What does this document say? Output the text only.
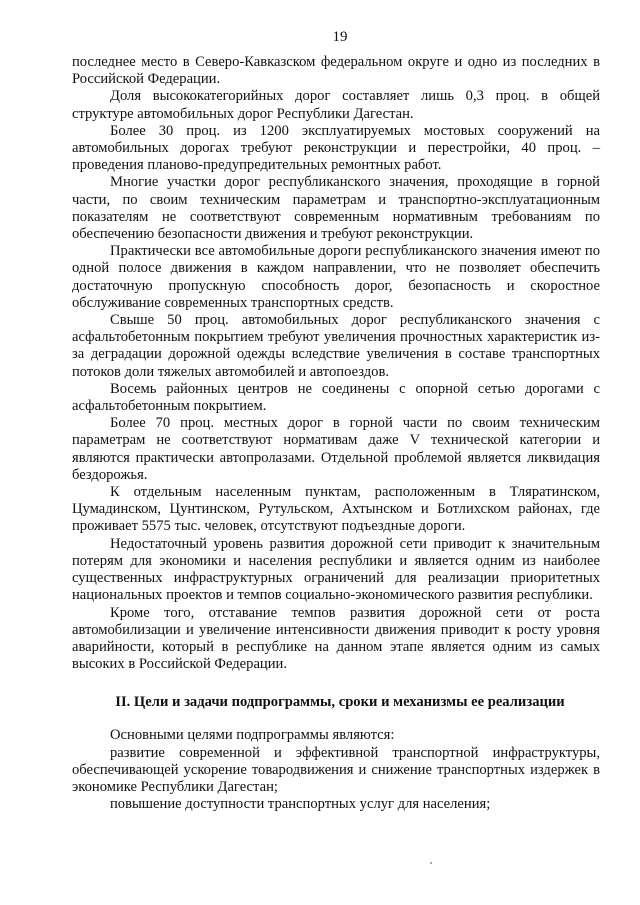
19

последнее место в Северо-Кавказском федеральном округе и одно из последних в Российской Федерации.

Доля высококатегорийных дорог составляет лишь 0,3 проц. в общей структуре автомобильных дорог Республики Дагестан.

Более 30 проц. из 1200 эксплуатируемых мостовых сооружений на автомобильных дорогах требуют реконструкции и перестройки, 40 проц. – проведения планово-предупредительных ремонтных работ.

Многие участки дорог республиканского значения, проходящие в горной части, по своим техническим параметрам и транспортно-эксплуатационным показателям не соответствуют современным нормативным требованиям по обеспечению безопасности движения и требуют реконструкции.

Практически все автомобильные дороги республиканского значения имеют по одной полосе движения в каждом направлении, что не позволяет обеспечить достаточную пропускную способность дорог, безопасность и скоростное обслуживание современных транспортных средств.

Свыше 50 проц. автомобильных дорог республиканского значения с асфальтобетонным покрытием требуют увеличения прочностных характеристик из-за деградации дорожной одежды вследствие увеличения в составе транспортных потоков доли тяжелых автомобилей и автопоездов.

Восемь районных центров не соединены с опорной сетью дорогами с асфальтобетонным покрытием.

Более 70 проц. местных дорог в горной части по своим техническим параметрам не соответствуют нормативам даже V технической категории и являются практически автопролазами. Отдельной проблемой является ликвидация бездорожья.

К отдельным населенным пунктам, расположенным в Тляратинском, Цумадинском, Цунтинском, Рутульском, Ахтынском и Ботлихском районах, где проживает 5575 тыс. человек, отсутствуют подъездные дороги.

Недостаточный уровень развития дорожной сети приводит к значительным потерям для экономики и населения республики и является одним из наиболее существенных инфраструктурных ограничений для реализации приоритетных национальных проектов и темпов социально-экономического развития республики.

Кроме того, отставание темпов развития дорожной сети от роста автомобилизации и увеличение интенсивности движения приводит к росту уровня аварийности, который в республике на данном этапе является одним из самых высоких в Российской Федерации.

II. Цели и задачи подпрограммы, сроки и механизмы ее реализации

Основными целями подпрограммы являются:

развитие современной и эффективной транспортной инфраструктуры, обеспечивающей ускорение товародвижения и снижение транспортных издержек в экономике Республики Дагестан;

повышение доступности транспортных услуг для населения;
